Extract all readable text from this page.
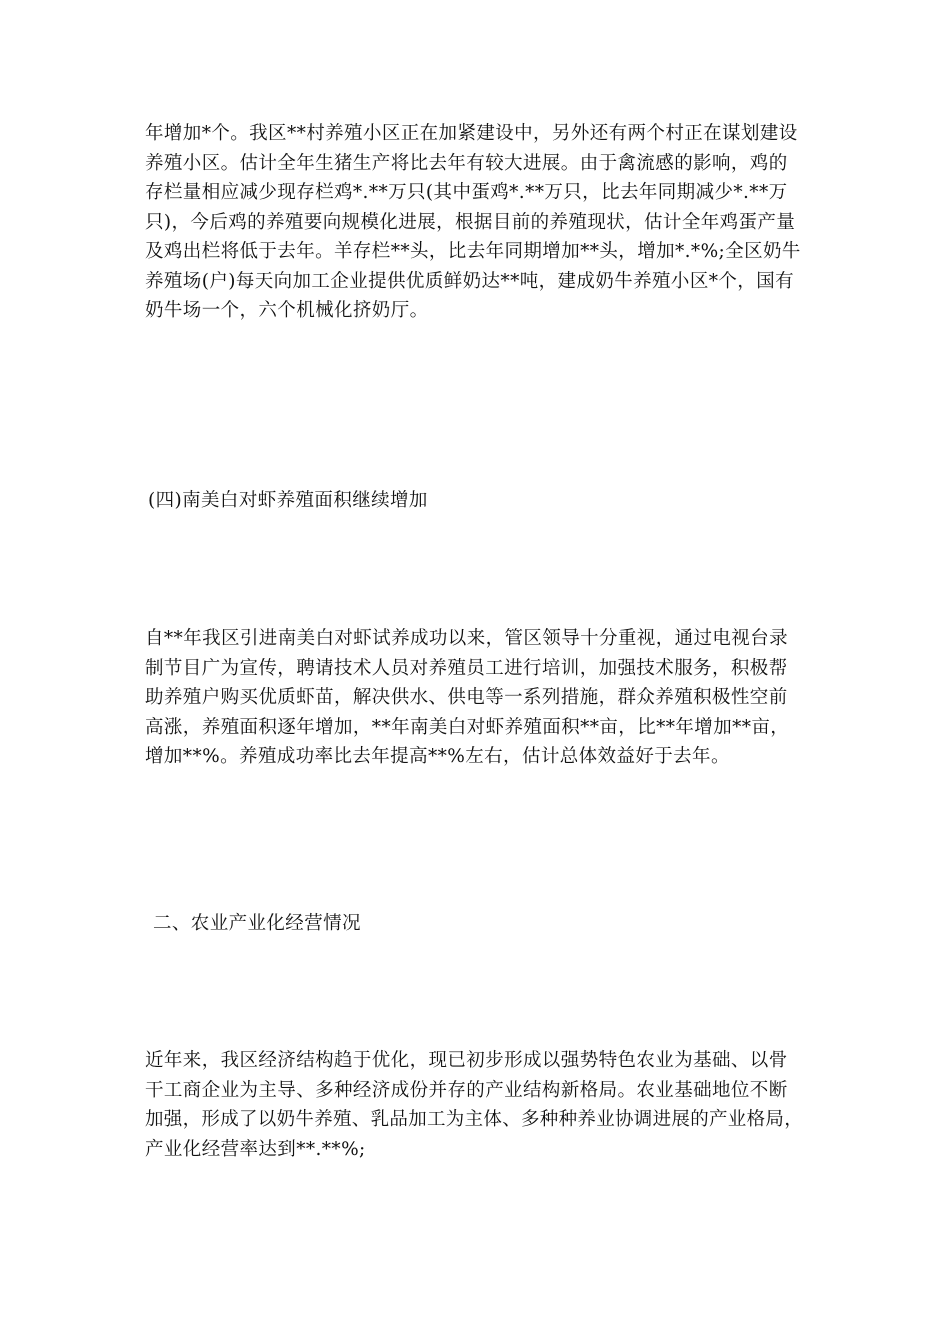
年增加*个。我区**村养殖小区正在加紧建设中，另外还有两个村正在谋划建设
养殖小区。估计全年生猪生产将比去年有较大进展。由于禽流感的影响，鸡的
存栏量相应减少现存栏鸡*.**万只(其中蛋鸡*.**万只，比去年同期减少*.**万
只)，今后鸡的养殖要向规模化进展，根据目前的养殖现状，估计全年鸡蛋产量
及鸡出栏将低于去年。羊存栏**头，比去年同期增加**头，增加*.*%;全区奶牛
养殖场(户)每天向加工企业提供优质鲜奶达**吨，建成奶牛养殖小区*个，国有
奶牛场一个，六个机械化挤奶厅。
(四)南美白对虾养殖面积继续增加
自**年我区引进南美白对虾试养成功以来，管区领导十分重视，通过电视台录
制节目广为宣传，聘请技术人员对养殖员工进行培训，加强技术服务，积极帮
助养殖户购买优质虾苗，解决供水、供电等一系列措施，群众养殖积极性空前
高涨，养殖面积逐年增加，**年南美白对虾养殖面积**亩，比**年增加**亩，
增加**%。养殖成功率比去年提高**%左右，估计总体效益好于去年。
二、农业产业化经营情况
近年来，我区经济结构趋于优化，现已初步形成以强势特色农业为基础、以骨
干工商企业为主导、多种经济成份并存的产业结构新格局。农业基础地位不断
加强，形成了以奶牛养殖、乳品加工为主体、多种种养业协调进展的产业格局，
产业化经营率达到**.**%;
